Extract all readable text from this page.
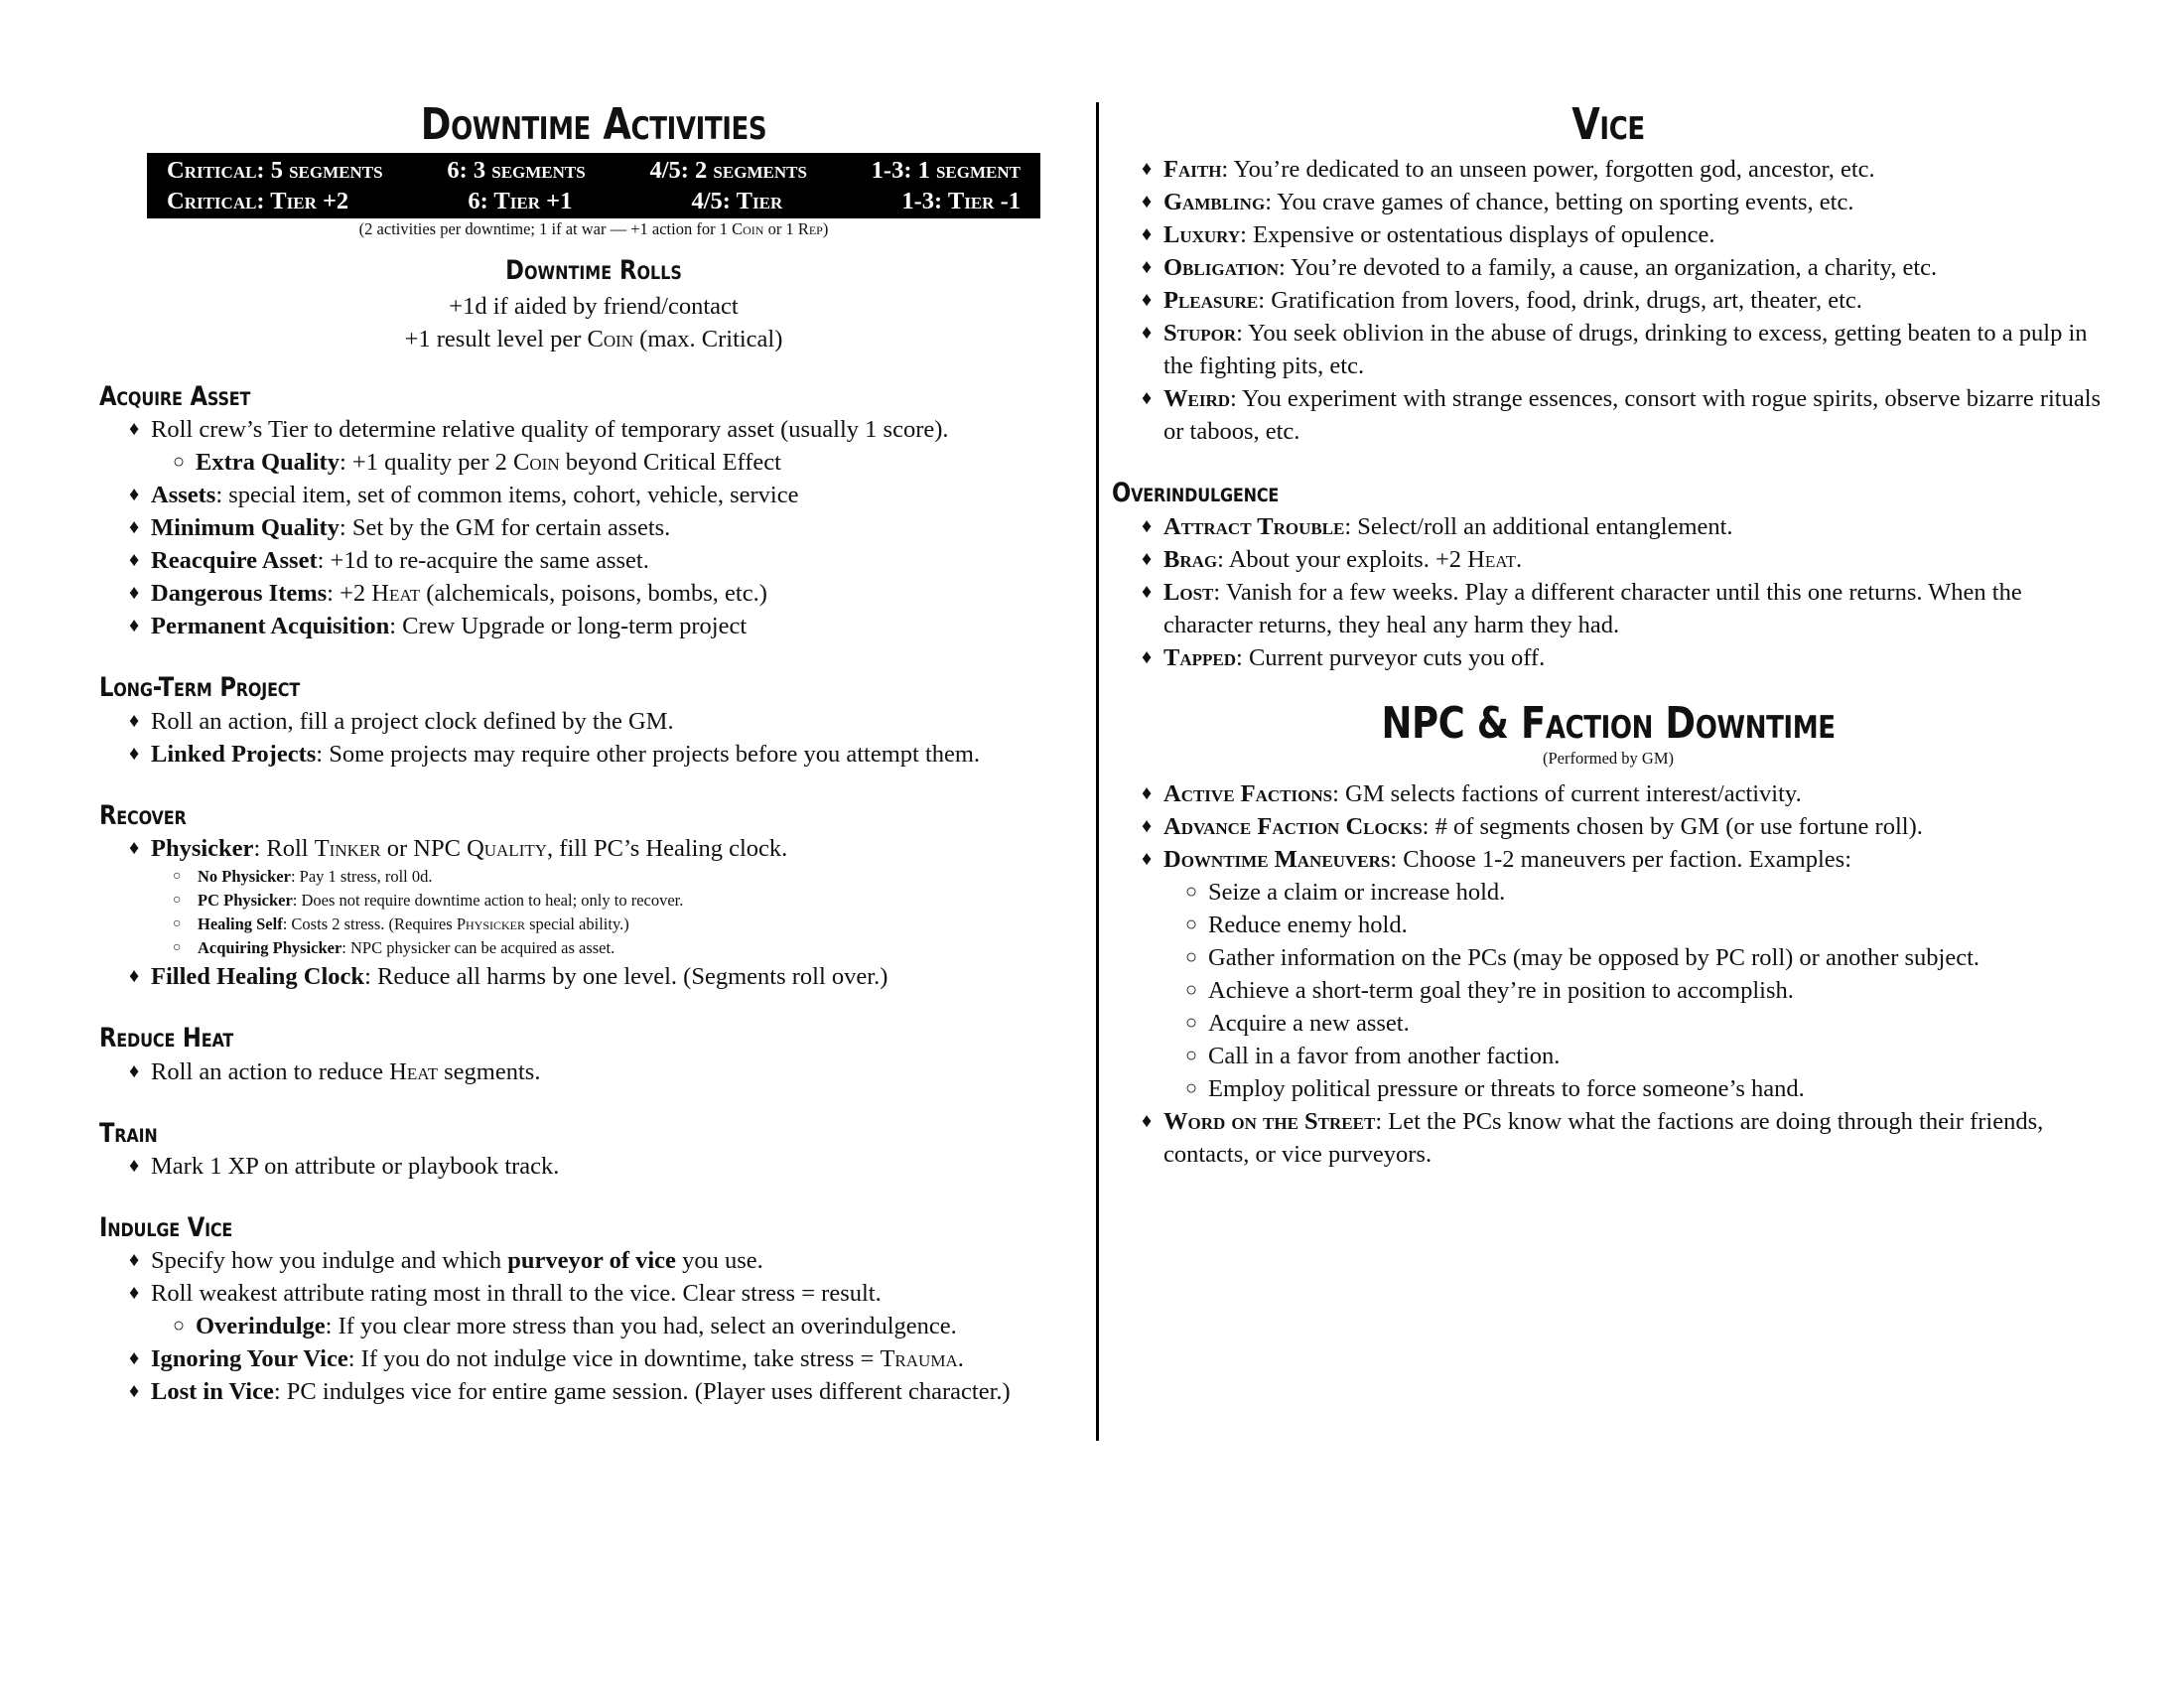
Downtime Activities
Critical: 5 segments	6: 3 segments	4/5: 2 segments	1-3: 1 segment
Critical: Tier +2	6: Tier +1	4/5: Tier	1-3: Tier -1
(2 activities per downtime; 1 if at war — +1 action for 1 Coin or 1 Rep)
Downtime Rolls
+1d if aided by friend/contact
+1 result level per Coin (max. Critical)
Acquire Asset
♦ Roll crew’s Tier to determine relative quality of temporary asset (usually 1 score).
○ Extra Quality: +1 quality per 2 Coin beyond Critical Effect
♦ Assets: special item, set of common items, cohort, vehicle, service
♦ Minimum Quality: Set by the GM for certain assets.
♦ Reacquire Asset: +1d to re-acquire the same asset.
♦ Dangerous Items: +2 Heat (alchemicals, poisons, bombs, etc.)
♦ Permanent Acquisition: Crew Upgrade or long-term project
Long-Term Project
♦ Roll an action, fill a project clock defined by the GM.
♦ Linked Projects: Some projects may require other projects before you attempt them.
Recover
♦ Physicker: Roll Tinker or NPC Quality, fill PC’s Healing clock.
○ No Physicker: Pay 1 stress, roll 0d.
○ PC Physicker: Does not require downtime action to heal; only to recover.
○ Healing Self: Costs 2 stress. (Requires Physicker special ability.)
○ Acquiring Physicker: NPC physicker can be acquired as asset.
♦ Filled Healing Clock: Reduce all harms by one level. (Segments roll over.)
Reduce Heat
♦ Roll an action to reduce Heat segments.
Train
♦ Mark 1 XP on attribute or playbook track.
Indulge Vice
♦ Specify how you indulge and which purveyor of vice you use.
♦ Roll weakest attribute rating most in thrall to the vice. Clear stress = result.
○ Overindulge: If you clear more stress than you had, select an overindulgence.
♦ Ignoring Your Vice: If you do not indulge vice in downtime, take stress = Trauma.
♦ Lost in Vice: PC indulges vice for entire game session. (Player uses different character.)
Vice
♦ Faith: You’re dedicated to an unseen power, forgotten god, ancestor, etc.
♦ Gambling: You crave games of chance, betting on sporting events, etc.
♦ Luxury: Expensive or ostentatious displays of opulence.
♦ Obligation: You’re devoted to a family, a cause, an organization, a charity, etc.
♦ Pleasure: Gratification from lovers, food, drink, drugs, art, theater, etc.
♦ Stupor: You seek oblivion in the abuse of drugs, drinking to excess, getting beaten to a pulp in the fighting pits, etc.
♦ Weird: You experiment with strange essences, consort with rogue spirits, observe bizarre rituals or taboos, etc.
Overindulgence
♦ Attract Trouble: Select/roll an additional entanglement.
♦ Brag: About your exploits. +2 Heat.
♦ Lost: Vanish for a few weeks. Play a different character until this one returns. When the character returns, they heal any harm they had.
♦ Tapped: Current purveyor cuts you off.
NPC & Faction Downtime
(Performed by GM)
♦ Active Factions: GM selects factions of current interest/activity.
♦ Advance Faction Clocks: # of segments chosen by GM (or use fortune roll).
♦ Downtime Maneuvers: Choose 1-2 maneuvers per faction. Examples:
○ Seize a claim or increase hold.
○ Reduce enemy hold.
○ Gather information on the PCs (may be opposed by PC roll) or another subject.
○ Achieve a short-term goal they’re in position to accomplish.
○ Acquire a new asset.
○ Call in a favor from another faction.
○ Employ political pressure or threats to force someone’s hand.
♦ Word on the Street: Let the PCs know what the factions are doing through their friends, contacts, or vice purveyors.
